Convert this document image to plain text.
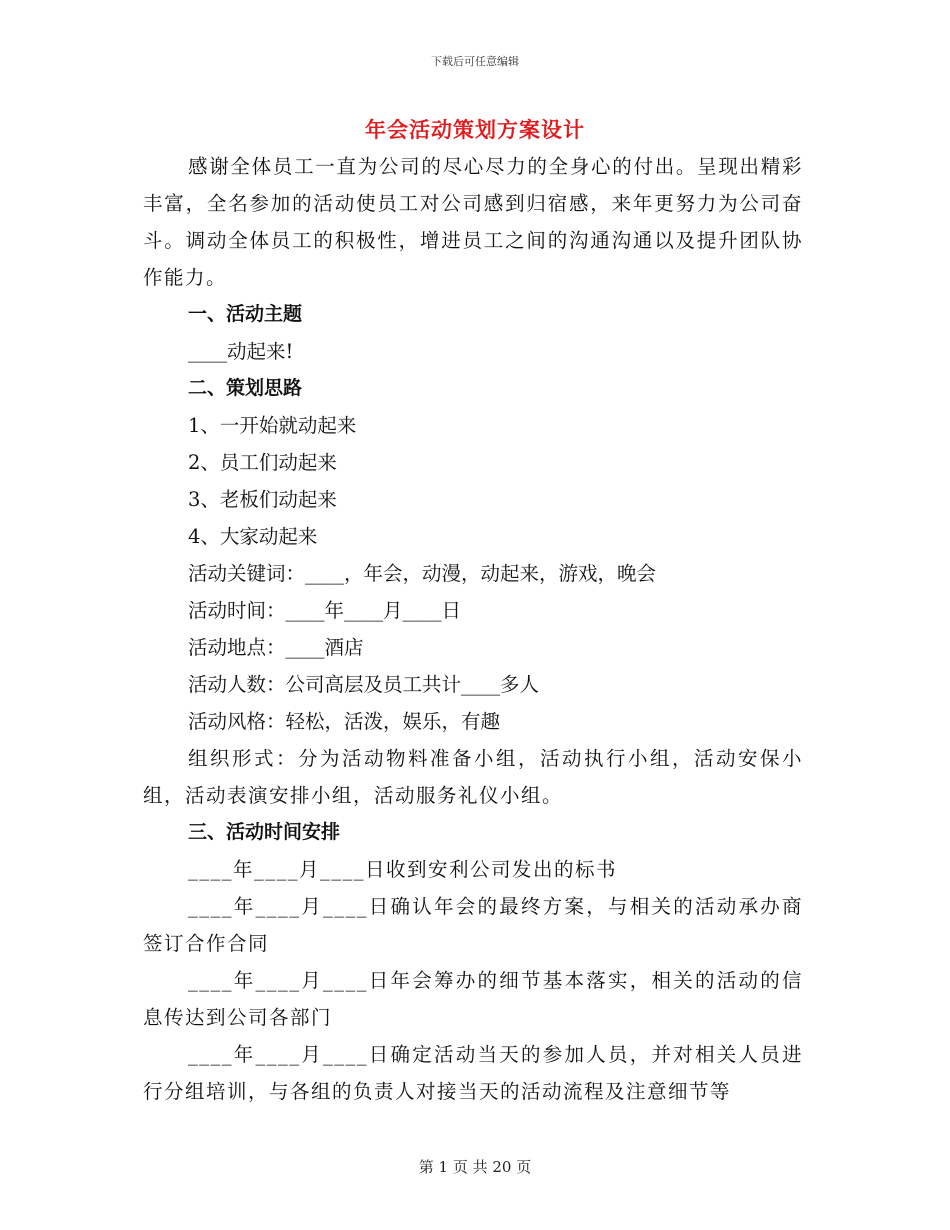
下载后可任意编辑
年会活动策划方案设计

感谢全体员工一直为公司的尽心尽力的全身心的付出。呈现出精彩丰富，全名参加的活动使员工对公司感到归宿感，来年更努力为公司奋斗。调动全体员工的积极性，增进员工之间的沟通沟通以及提升团队协作能力。

一、活动主题

____动起来!

二、策划思路

1、一开始就动起来

2、员工们动起来

3、老板们动起来

4、大家动起来

活动关键词：____，年会，动漫，动起来，游戏，晚会

活动时间：____年____月____日

活动地点：____酒店

活动人数：公司高层及员工共计____多人

活动风格：轻松，活泼，娱乐，有趣

组织形式：分为活动物料准备小组，活动执行小组，活动安保小组，活动表演安排小组，活动服务礼仪小组。

三、活动时间安排

____年____月____日收到安利公司发出的标书

____年____月____日确认年会的最终方案，与相关的活动承办商签订合作合同

____年____月____日年会筹办的细节基本落实，相关的活动的信息传达到公司各部门

____年____月____日确定活动当天的参加人员，并对相关人员进行分组培训，与各组的负责人对接当天的活动流程及注意细节等

第 1 页 共 20 页
